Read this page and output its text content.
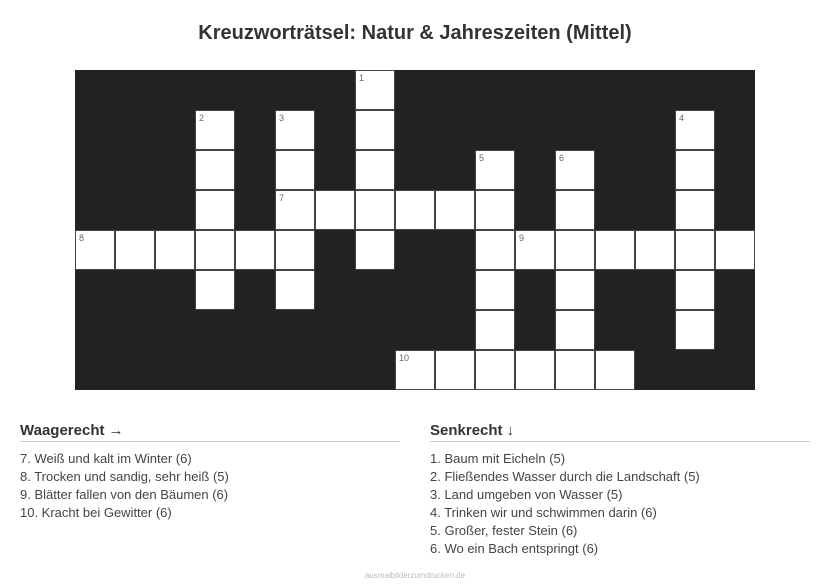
Kreuzworträtsel: Natur & Jahreszeiten (Mittel)
1
2	3	4
5	6
7
8	9
10
Waagerecht →
7. Weiß und kalt im Winter (6)
8. Trocken und sandig, sehr heiß (5)
9. Blätter fallen von den Bäumen (6)
10. Kracht bei Gewitter (6)
Senkrecht ↓
1. Baum mit Eicheln (5)
2. Fließendes Wasser durch die Landschaft (5)
3. Land umgeben von Wasser (5)
4. Trinken wir und schwimmen darin (6)
5. Großer, fester Stein (6)
6. Wo ein Bach entspringt (6)
ausmalbilderzumdrucken.de
